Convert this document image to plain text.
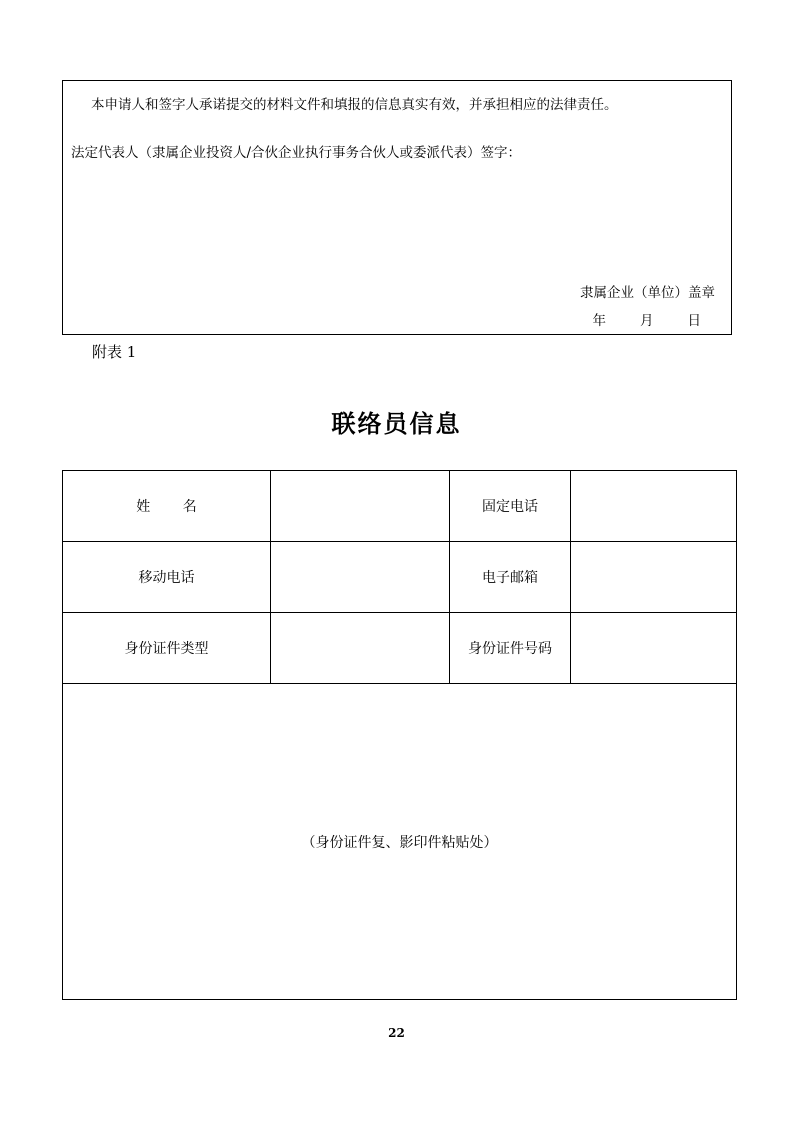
本申请人和签字人承诺提交的材料文件和填报的信息真实有效，并承担相应的法律责任。
法定代表人（隶属企业投资人/合伙企业执行事务合伙人或委派代表）签字：
隶属企业（单位）盖章
年	月	日
附表 1
联络员信息
姓 名		固定电话	
移动电话		电子邮箱	
身份证件类型		身份证件号码	
（身份证件复、影印件粘贴处）			
22
